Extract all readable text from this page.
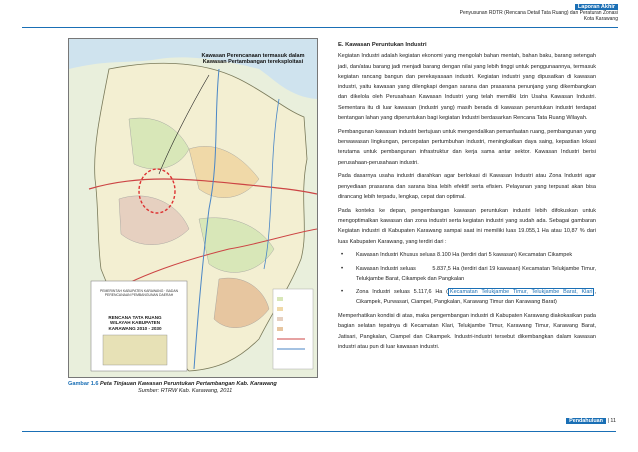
Laporan Akhir
Penyusunan RDTR (Rencana Detail Tata Ruang) dan Peraturan Zonasi
Kota Karawang
Kawasan Perencanaan termasuk dalam Kawasan Pertambangan tereksploitasi
PEMERINTAH KABUPATEN KARAWANG · BADAN PERENCANAAN PEMBANGUNAN DAERAH
RENCANA TATA RUANG WILAYAH KABUPATEN KARAWANG 2010 - 2030
Gambar 1.6 Peta Tinjauan Kawasan Peruntukan Pertambangan Kab. Karawang
Sumber: RTRW Kab. Karawang, 2011
E. Kawasan Peruntukan Industri

Kegiatan Industri adalah kegiatan ekonomi yang mengolah bahan mentah, bahan baku, barang setengah jadi, dan/atau barang jadi menjadi barang dengan nilai yang lebih tinggi untuk penggunaannya, termasuk kegiatan rancang bangun dan perekayasaan industri. Kegiatan industri yang dipusatkan di kawasan industri, yaitu kawasan yang dilengkapi dengan sarana dan prasarana penunjang yang dikembangkan dan dikelola oleh Perusahaan Kawasan Industri yang telah memiliki Izin Usaha Kawasan Industri. Sementara itu di luar kawasan (industri yang) masih berada di kawasan peruntukan industri terdapat bentangan lahan yang diperuntukan bagi kegiatan Industri berdasarkan Rencana Tata Ruang Wilayah.

Pembangunan kawasan industri bertujuan untuk mengendalikan pemanfaatan ruang, pembangunan yang berwawasan lingkungan, percepatan pertumbuhan industri, meningkatkan daya saing, kepastian lokasi terutama untuk pembangunan infrastruktur dan kerja sama antar sektor. Kawasan Industri berisi perusahaan-perusahaan industri.

Pada dasarnya usaha industri diarahkan agar berlokasi di Kawasan Industri atau Zona Industri agar penyediaan prasarana dan sarana bisa lebih efektif serta efisien. Pelayanan yang terpusat akan bisa dirancang lebih terpadu, lengkap, cepat dan optimal.

Pada konteks ke depan, pengembangan kawasan peruntukan industri lebih difokuskan untuk mengoptimalkan kawasan dan zona industri serta kegiatan industri yang sudah ada. Sebagai gambaran Kegiatan industri di Kabupaten Karawang sampai saat ini memiliki luas 19.055,1 Ha atau 10,87 % dari luas Kabupaten Karawang, yang terdiri dari :

• Kawasan Industri Khusus seluas 8.100 Ha (terdiri dari 5 kawasan) Kecamatan Cikampek
• Kawasan Industri seluas          5.837,5 Ha (terdiri dari 19 kawasan) Kecamatan Telukjambe Timur, Telukjambe Barat, Cikampek dan Pangkalan
• Zona Industri seluas 5.117,6 Ha ( Kecamatan Telukjambe Timur, Telukjambe Barat, Klari , Cikampek, Purwasari, Ciampel, Pangkalan, Karawang Timur dan Karawang Barat)

Memperhatikan kondisi di atas, maka pengembangan industri di Kabupaten Karawang diakokasikan pada bagian selatan tepatnya di Kecamatan Klari, Telukjambe Timur, Karawang Timur, Karawang Barat, Jatisari, Pangkalan, Ciampel dan Cikampek. Industri-industri tersebut dikembangkan dalam kawasan industri atau pun di luar kawasan industri.

Pendahuluan | 11
